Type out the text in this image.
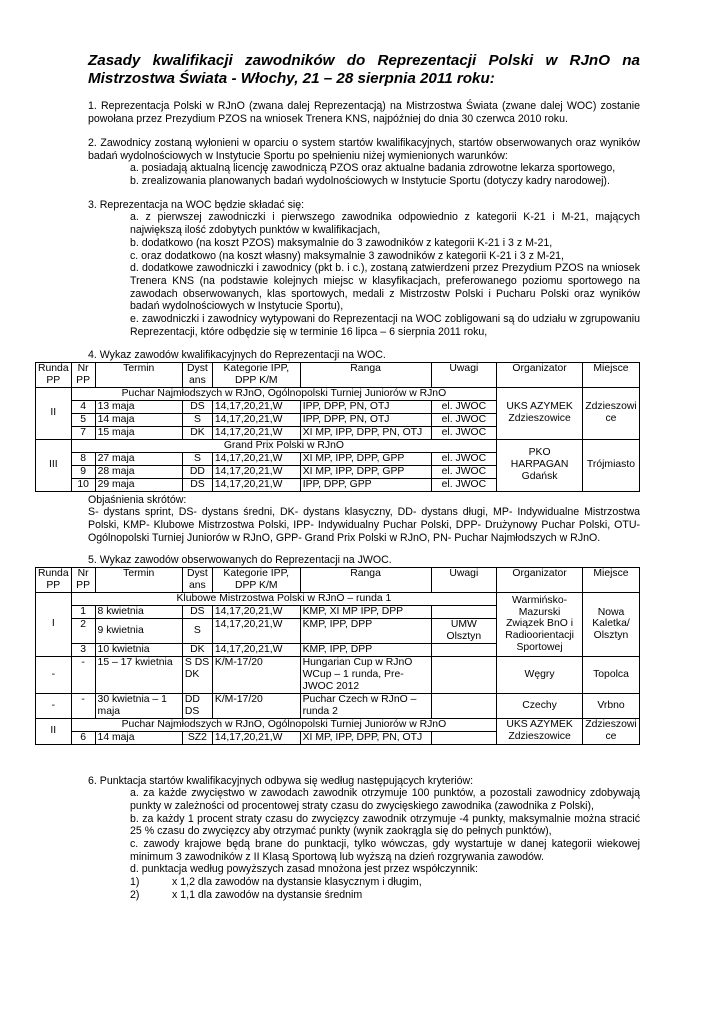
Zasady kwalifikacji zawodników do Reprezentacji Polski w RJnO na Mistrzostwa Świata - Włochy, 21 – 28 sierpnia 2011 roku:

1. Reprezentacja Polski w RJnO (zwana dalej Reprezentacją) na Mistrzostwa Świata (zwane dalej WOC) zostanie powołana przez Prezydium PZOS na wniosek Trenera KNS, najpóźniej do dnia 30 czerwca 2010 roku.

2. Zawodnicy zostaną wyłonieni w oparciu o system startów kwalifikacyjnych, startów obserwowanych oraz wyników badań wydolnościowych w Instytucie Sportu po spełnieniu niżej wymienionych warunków:

a. posiadają aktualną licencję zawodniczą PZOS oraz aktualne badania zdrowotne lekarza sportowego,

b. zrealizowania planowanych badań wydolnościowych w Instytucie Sportu (dotyczy kadry narodowej).

3. Reprezentacja na WOC będzie składać się:

a. z pierwszej zawodniczki i pierwszego zawodnika odpowiednio z kategorii K-21 i M-21, mających największą ilość zdobytych punktów w kwalifikacjach,

b. dodatkowo (na koszt PZOS) maksymalnie do 3 zawodników z kategorii K-21 i 3 z M-21,

c. oraz dodatkowo (na koszt własny) maksymalnie 3 zawodników z kategorii K-21 i 3 z M-21,

d. dodatkowe zawodniczki i zawodnicy (pkt b. i c.), zostaną zatwierdzeni przez Prezydium PZOS na wniosek Trenera KNS (na podstawie kolejnych miejsc w klasyfikacjach, preferowanego poziomu sportowego na zawodach obserwowanych, klas sportowych, medali z Mistrzostw Polski i Pucharu Polski oraz wyników badań wydolnościowych w Instytucie Sportu),

e. zawodniczki i zawodnicy wytypowani do Reprezentacji na WOC zobligowani są do udziału w zgrupowaniu Reprezentacji, które odbędzie się w terminie 16 lipca – 6 sierpnia 2011 roku,

4. Wykaz zawodów kwalifikacyjnych do Reprezentacji na WOC.

Runda PP	Nr PP	Termin	Dyst ans	Kategorie IPP, DPP K/M	Ranga	Uwagi	Organizator	Miejsce
II	Puchar Najmłodszych w RJnO, Ogólnopolski Turniej Juniorów w RJnO						UKS AZYMEK Zdzieszowice	Zdzieszowi ce
	4	13 maja	DS	14,17,20,21,W	IPP, DPP, PN, OTJ	el. JWOC		
	5	14 maja	S	14,17,20,21,W	IPP, DPP, PN, OTJ	el. JWOC		
	7	15 maja	DK	14,17,20,21,W	XI MP, IPP, DPP, PN, OTJ	el. JWOC		
III	Grand Prix Polski w RJnO						PKO HARPAGAN Gdańsk	Trójmiasto
	8	27 maja	S	14,17,20,21,W	XI MP, IPP, DPP, GPP	el. JWOC		
	9	28 maja	DD	14,17,20,21,W	XI MP, IPP, DPP, GPP	el. JWOC		
	10	29 maja	DS	14,17,20,21,W	IPP, DPP, GPP	el. JWOC		

Objaśnienia skrótów:

S- dystans sprint, DS- dystans średni, DK- dystans klasyczny, DD- dystans długi, MP- Indywidualne Mistrzostwa Polski, KMP- Klubowe Mistrzostwa Polski, IPP- Indywidualny Puchar Polski, DPP- Drużynowy Puchar Polski, OTU- Ogólnopolski Turniej Juniorów w RJnO, GPP- Grand Prix Polski w RJnO, PN- Puchar Najmłodszych w RJnO.

5. Wykaz zawodów obserwowanych do Reprezentacji na JWOC.

Runda PP	Nr PP	Termin	Dyst ans	Kategorie IPP, DPP K/M	Ranga	Uwagi	Organizator	Miejsce
I	Klubowe Mistrzostwa Polski w RJnO – runda 1						Warmińsko-Mazurski Związek BnO i Radioorientacji Sportowej	Nowa Kaletka/ Olsztyn
	1	8 kwietnia	DS	14,17,20,21,W	KMP, XI MP IPP, DPP			
	2	9 kwietnia	S	14,17,20,21,W	KMP, IPP, DPP	UMW Olsztyn		
	3	10 kwietnia	DK	14,17,20,21,W	KMP, IPP, DPP			
-	-	15 – 17 kwietnia	S DS DK	K/M-17/20	Hungarian Cup w RJnO WCup – 1 runda, Pre-JWOC 2012		Węgry	Topolca
-	-	30 kwietnia – 1 maja	DD DS	K/M-17/20	Puchar Czech w RJnO – runda 2		Czechy	Vrbno
II	Puchar Najmłodszych w RJnO, Ogólnopolski Turniej Juniorów w RJnO						UKS AZYMEK Zdzieszowice	Zdzieszowi ce
	6	14 maja	SZ2	14,17,20,21,W	XI MP, IPP, DPP, PN, OTJ			

6. Punktacja startów kwalifikacyjnych odbywa się według następujących kryteriów:

a. za każde zwycięstwo w zawodach zawodnik otrzymuje 100 punktów, a pozostali zawodnicy zdobywają punkty w zależności od procentowej straty czasu do zwycięskiego zawodnika (zawodnika z Polski),

b. za każdy 1 procent straty czasu do zwycięzcy zawodnik otrzymuje -4 punkty, maksymalnie można stracić 25 % czasu do zwycięzcy aby otrzymać punkty (wynik zaokrągla się do pełnych punktów),

c. zawody krajowe będą brane do punktacji, tylko wówczas, gdy wystartuje w danej kategorii wiekowej minimum 3 zawodników z II Klasą Sportową lub wyższą na dzień rozgrywania zawodów.

d. punktacja według powyższych zasad mnożona jest przez współczynnik:

1)	x 1,2 dla zawodów na dystansie klasycznym i długim,
2)	x 1,1 dla zawodów na dystansie średnim
